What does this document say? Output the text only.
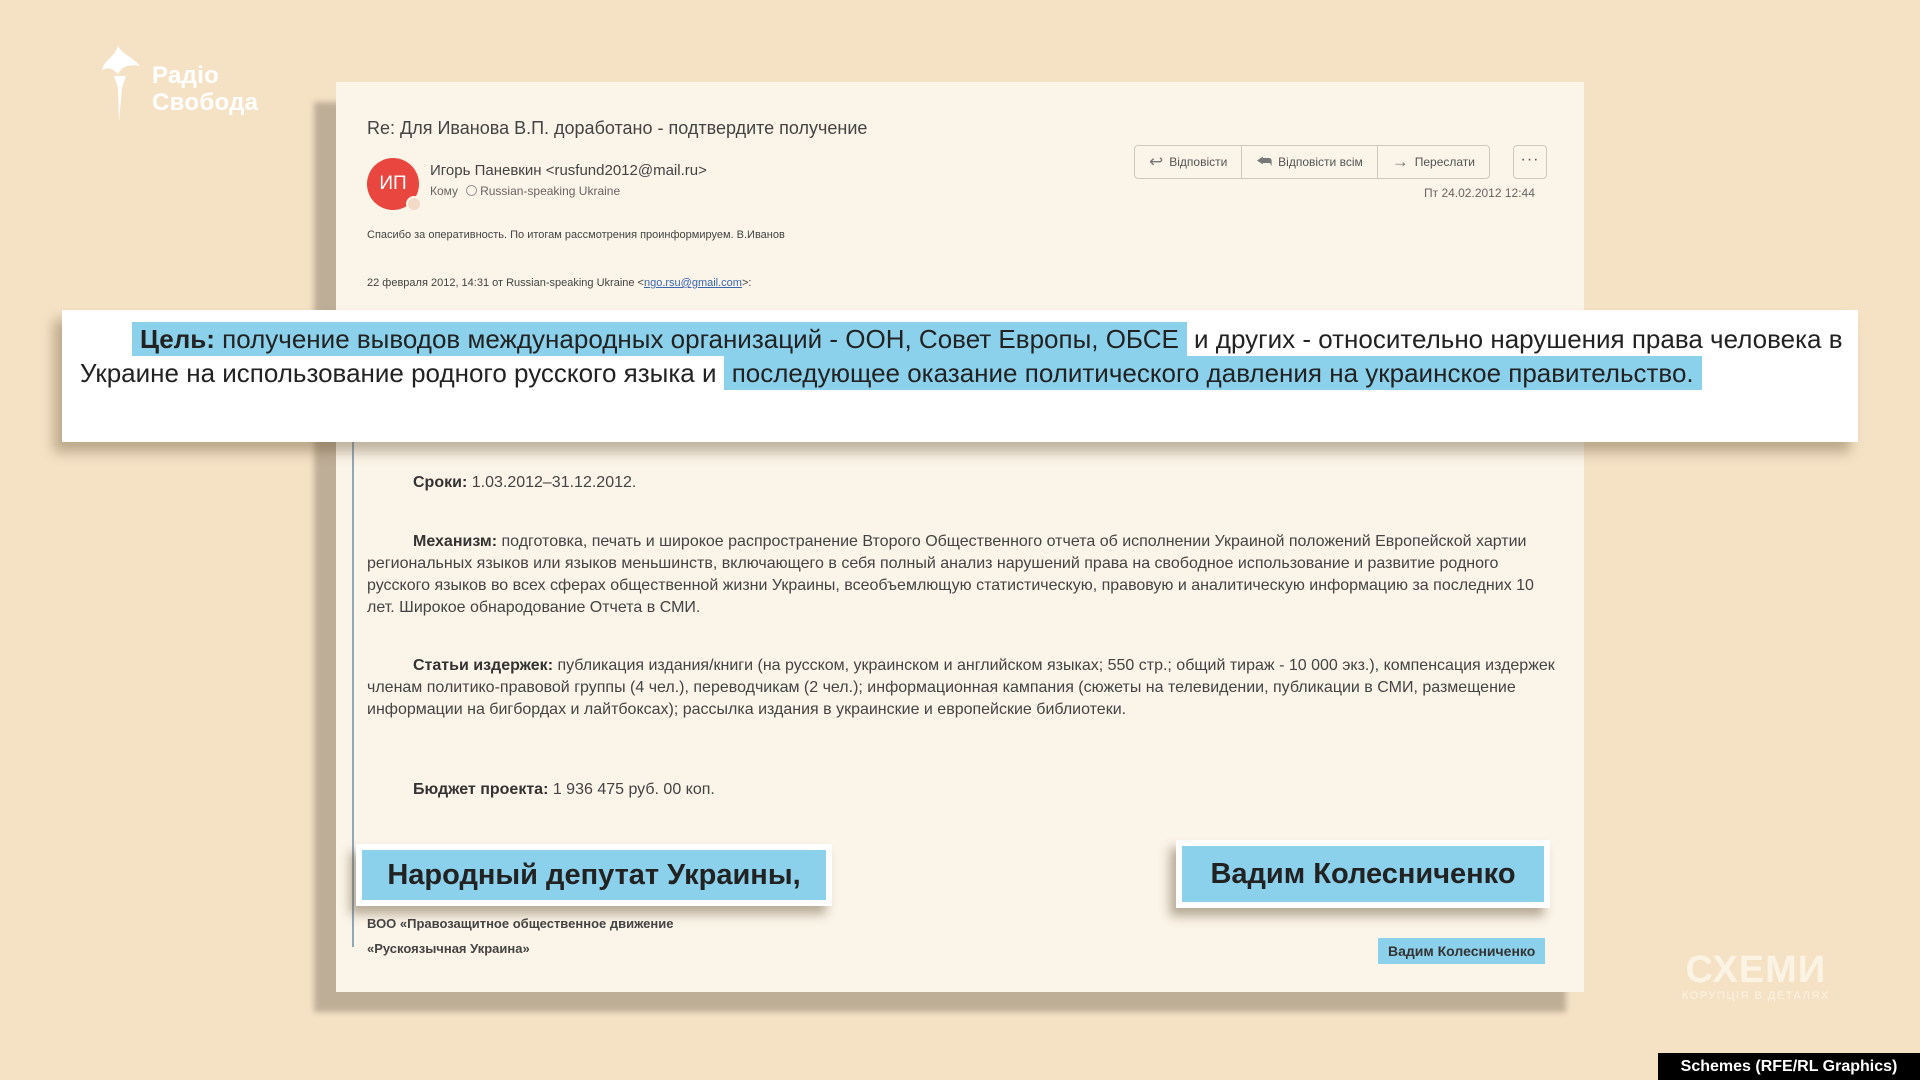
Радіо
Свобода
Re: Для Иванова В.П. доработано - подтвердите получение
ИП
Игорь Паневкин <rusfund2012@mail.ru>
Кому Russian-speaking Ukraine
↩ Відповісти ⮪ Відповісти всім → Переслати	···
Пт 24.02.2012 12:44
Спасибо за оперативность. По итогам рассмотрения проинформируем. В.Иванов
22 февраля 2012, 14:31 от Russian-speaking Ukraine <ngo.rsu@gmail.com>:
Сроки: 1.03.2012–31.12.2012.
Механизм: подготовка, печать и широкое распространение Второго Общественного отчета об исполнении Украиной положений Европейской хартии региональных языков или языков меньшинств, включающего в себя полный анализ нарушений права на свободное использование и развитие родного русского языков во всех сферах общественной жизни Украины, всеобъемлющую статистическую, правовую и аналитическую информацию за последних 10 лет. Широкое обнародование Отчета в СМИ.
Статьи издержек: публикация издания/книги (на русском, украинском и английском языках; 550 стр.; общий тираж - 10 000 экз.), компенсация издержек членам политико-правовой группы (4 чел.), переводчикам (2 чел.); информационная кампания (сюжеты на телевидении, публикации в СМИ, размещение информации на бигбордах и лайтбоксах); рассылка издания в украинские и европейские библиотеки.
Бюджет проекта: 1 936 475 руб. 00 коп.
ВОО «Правозащитное общественное движение
«Рускоязычная Украина»	Вадим Колесниченко
Цель: получение выводов международных организаций - ООН, Совет Европы, ОБСЕ и других - относительно нарушения права человека в Украине на использование родного русского языка и последующее оказание политического давления на украинское правительство.
Народный депутат Украины,	Вадим Колесниченко
СХЕМИ
КОРУПЦІЯ В ДЕТАЛЯХ
Schemes (RFE/RL Graphics)
